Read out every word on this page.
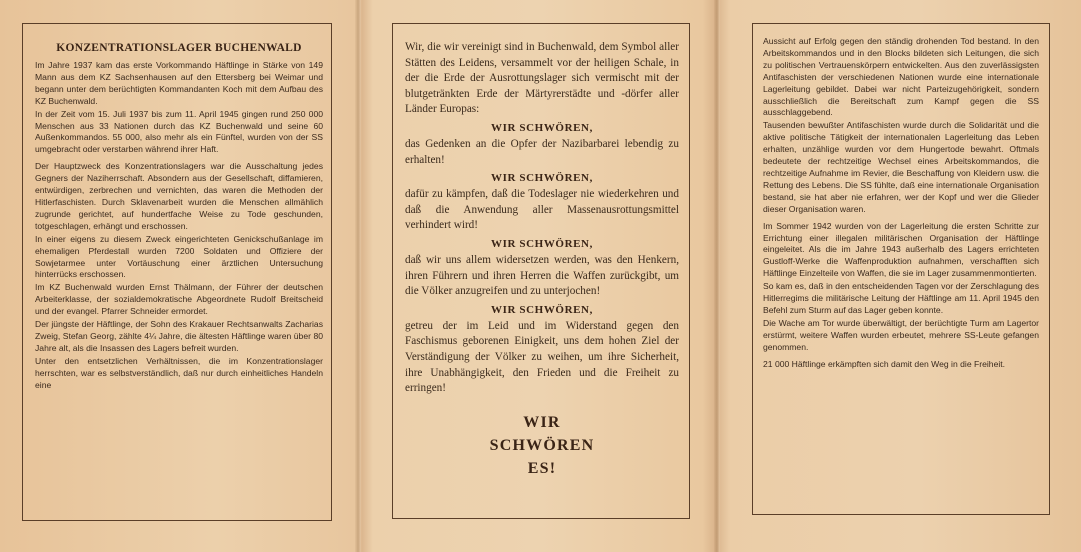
KONZENTRATIONSLAGER BUCHENWALD

Im Jahre 1937 kam das erste Vorkommando Häftlinge in Stärke von 149 Mann aus dem KZ Sachsenhausen auf den Ettersberg bei Weimar und begann unter dem berüchtigten Kommandanten Koch mit dem Aufbau des KZ Buchenwald.

In der Zeit vom 15. Juli 1937 bis zum 11. April 1945 gingen rund 250 000 Menschen aus 33 Nationen durch das KZ Buchenwald und seine 60 Außenkommandos. 55 000, also mehr als ein Fünftel, wurden von der SS umgebracht oder verstarben während ihrer Haft.

Der Hauptzweck des Konzentrationslagers war die Ausschaltung jedes Gegners der Naziherrschaft. Absondern aus der Gesellschaft, diffamieren, entwürdigen, zerbrechen und vernichten, das waren die Methoden der Hitlerfaschisten. Durch Sklavenarbeit wurden die Menschen allmählich zugrunde gerichtet, auf hundertfache Weise zu Tode geschunden, totgeschlagen, erhängt und erschossen.

In einer eigens zu diesem Zweck eingerichteten Genickschußanlage im ehemaligen Pferdestall wurden 7200 Soldaten und Offiziere der Sowjetarmee unter Vortäuschung einer ärztlichen Untersuchung hinterrücks erschossen.

Im KZ Buchenwald wurden Ernst Thälmann, der Führer der deutschen Arbeiterklasse, der sozialdemokratische Abgeordnete Rudolf Breitscheid und der evangel. Pfarrer Schneider ermordet.

Der jüngste der Häftlinge, der Sohn des Krakauer Rechtsanwalts Zacharias Zweig, Stefan Georg, zählte 4¼ Jahre, die ältesten Häftlinge waren über 80 Jahre alt, als die Insassen des Lagers befreit wurden.

Unter den entsetzlichen Verhältnissen, die im Konzentrationslager herrschten, war es selbstverständlich, daß nur durch einheitliches Handeln eine

Wir, die wir vereinigt sind in Buchenwald, dem Symbol aller Stätten des Leidens, versammelt vor der heiligen Schale, in der die Erde der Ausrottungslager sich vermischt mit der blutgetränkten Erde der Märtyrerstädte und -dörfer aller Länder Europas:
WIR SCHWÖREN,
das Gedenken an die Opfer der Nazibarbarei lebendig zu erhalten!
WIR SCHWÖREN,
dafür zu kämpfen, daß die Todeslager nie wiederkehren und daß die Anwendung aller Massenausrottungsmittel verhindert wird!
WIR SCHWÖREN,
daß wir uns allem widersetzen werden, was den Henkern, ihren Führern und ihren Herren die Waffen zurückgibt, um die Völker anzugreifen und zu unterjochen!
WIR SCHWÖREN,
getreu der im Leid und im Widerstand gegen den Faschismus geborenen Einigkeit, uns dem hohen Ziel der Verständigung der Völker zu weihen, um ihre Sicherheit, ihre Unabhängigkeit, den Frieden und die Freiheit zu erringen!
WIR
SCHWÖREN
ES!

Aussicht auf Erfolg gegen den ständig drohenden Tod bestand. In den Arbeitskommandos und in den Blocks bildeten sich Leitungen, die sich zu politischen Vertrauenskörpern entwickelten. Aus den zuverlässigsten Antifaschisten der verschiedenen Nationen wurde eine internationale Lagerleitung gebildet. Dabei war nicht Parteizugehörigkeit, sondern ausschließlich die Bereitschaft zum Kampf gegen die SS ausschlaggebend.

Tausenden bewußter Antifaschisten wurde durch die Solidarität und die aktive politische Tätigkeit der internationalen Lagerleitung das Leben erhalten, unzählige wurden vor dem Hungertode bewahrt. Oftmals bedeutete der rechtzeitige Wechsel eines Arbeitskommandos, die rechtzeitige Aufnahme im Revier, die Beschaffung von Kleidern usw. die Rettung des Lebens. Die SS fühlte, daß eine internationale Organisation bestand, sie hat aber nie erfahren, wer der Kopf und wer die Glieder dieser Organisation waren.

Im Sommer 1942 wurden von der Lagerleitung die ersten Schritte zur Errichtung einer illegalen militärischen Organisation der Häftlinge eingeleitet. Als die im Jahre 1943 außerhalb des Lagers errichteten Gustloff-Werke die Waffenproduktion aufnahmen, verschafften sich Häftlinge Einzelteile von Waffen, die sie im Lager zusammenmontierten.

So kam es, daß in den entscheidenden Tagen vor der Zerschlagung des Hitlerregims die militärische Leitung der Häftlinge am 11. April 1945 den Befehl zum Sturm auf das Lager geben konnte.

Die Wache am Tor wurde überwältigt, der berüchtigte Turm am Lagertor erstürmt, weitere Waffen wurden erbeutet, mehrere SS-Leute gefangen genommen.

21 000 Häftlinge erkämpften sich damit den Weg in die Freiheit.
